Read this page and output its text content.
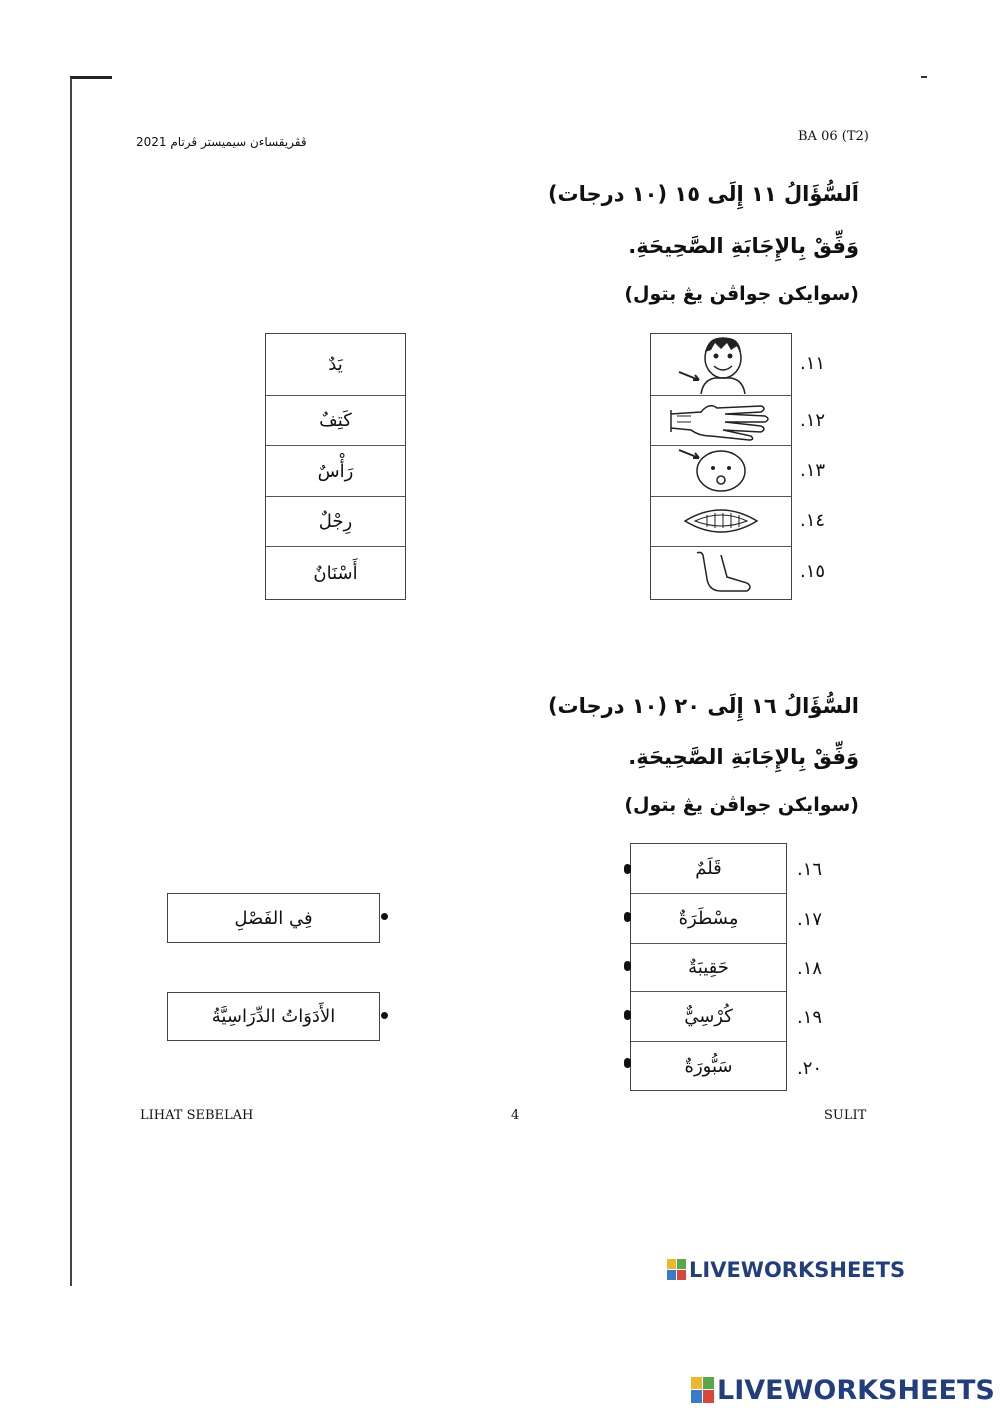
BA 06 (T2)
ڤڤريقساءن سيميستر ڤرتام 2021
اَلسُّؤَالُ ١١ إِلَى ١٥ (١٠ درجات)
وَفِّقْ بِالإِجَابَةِ الصَّحِيحَةِ.
(سوايكن جواڤن يڠ بتول)
يَدٌ
كَتِفٌ
رَأْسٌ
رِجْلٌ
أَسْنَانٌ
.١١
.١٢
.١٣
.١٤
.١٥
السُّؤَالُ ١٦ إِلَى ٢٠ (١٠ درجات)
وَفِّقْ بِالإِجَابَةِ الصَّحِيحَةِ.
(سوايكن جواڤن يڠ بتول)
فِي الفَصْلِ
الأَدَوَاتُ الدِّرَاسِيَّةُ
قَلَمٌ
مِسْطَرَةٌ
حَقِيبَةٌ
كُرْسِيٌّ
سَبُّورَةٌ
.١٦
.١٧
.١٨
.١٩
.٢٠
LIHAT SEBELAH	4	SULIT
LIVEWORKSHEETS
LIVEWORKSHEETS
